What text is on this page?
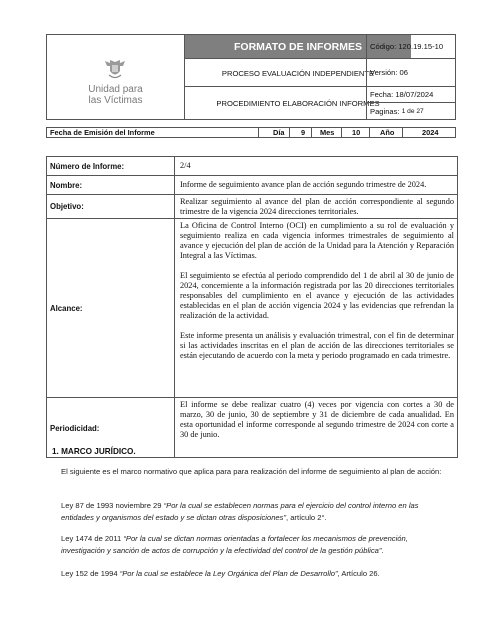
Unidad para
las Víctimas
FORMATO DE INFORMES
PROCESO EVALUACIÓN INDEPENDIENTE
PROCEDIMIENTO ELABORACIÓN INFORMES
Código: 120.19.15-10
Versión: 06
Fecha: 18/07/2024
Paginas:
1 de 27
Fecha de Emisión del Informe	Día 9 Mes 10	Año	2024
Número de Informe:	2/4
Nombre:	Informe de seguimiento avance plan de acción segundo trimestre de 2024.
Objetivo:
Realizar seguimiento al avance del plan de acción correspondiente al segundo trimestre de la vigencia 2024 direcciones territoriales.
Alcance:
La Oficina de Control Interno (OCI) en cumplimiento a su rol de evaluación y seguimiento realiza en cada vigencia informes trimestrales de seguimiento al avance y ejecución del plan de acción de la Unidad para la Atención y Reparación Integral a las Víctimas.
El seguimiento se efectúa al periodo comprendido del 1 de abril al 30 de junio de 2024, concemiente a la información registrada por las 20 direcciones territoriales responsables del cumplimiento en el avance y ejecución de las actividades establecidas en el plan de acción vigencia 2024 y las evidencias que refrendan la realización de la actividad.
Este informe presenta un análisis y evaluación trimestral, con el fin de determinar si las actividades inscritas en el plan de acción de las direcciones territoriales se están ejecutando de acuerdo con la meta y periodo programado en cada trimestre.
Periodicidad:
El informe se debe realizar cuatro (4) veces por vigencia con cortes a 30 de marzo, 30 de junio, 30 de septiembre y 31 de diciembre de cada anualidad. En esta oportunidad el informe corresponde al segundo trimestre de 2024 con corte a 30 de junio.
1. MARCO JURÍDICO.
El siguiente es el marco normativo que aplica para para realización del informe de seguimiento al plan de acción:
Ley 87 de 1993 noviembre 29 “Por la cual se establecen normas para el ejercicio del control interno en las entidades y organismos del estado y se dictan otras disposiciones”, artículo 2°.
Ley 1474 de 2011 “Por la cual se dictan normas orientadas a fortalecer los mecanismos de prevención, investigación y sanción de actos de corrupción y la efectividad del control de la gestión pública”.
Ley 152 de 1994 “Por la cual se establece la Ley Orgánica del Plan de Desarrollo”, Artículo 26.
